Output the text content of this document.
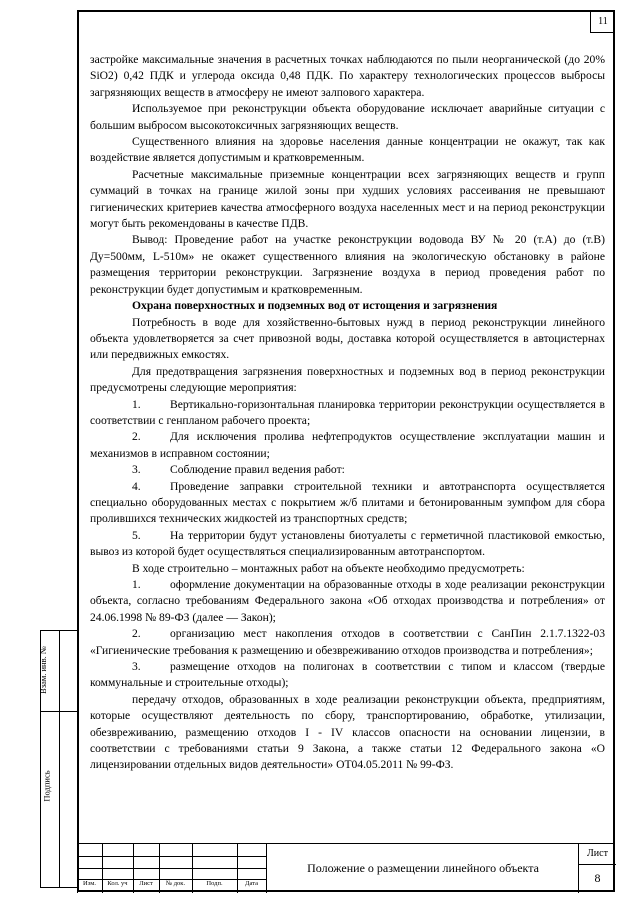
11

застройке максимальные значения в расчетных точках наблюдаются по пыли неорганической (до 20% SiO2) 0,42 ПДК и углерода оксида 0,48 ПДК. По характеру технологических процессов выбросы загрязняющих веществ в атмосферу не имеют залпового характера.

Используемое при реконструкции объекта оборудование исключает аварийные ситуации с большим выбросом высокотоксичных загрязняющих веществ.

Существенного влияния на здоровье населения данные концентрации не окажут, так как воздействие является допустимым и кратковременным.

Расчетные максимальные приземные концентрации всех загрязняющих веществ и групп суммаций в точках на границе жилой зоны при худших условиях рассеивания не превышают гигиенических критериев качества атмосферного воздуха населенных мест и на период реконструкции могут быть рекомендованы в качестве ПДВ.

Вывод: Проведение работ на участке реконструкции водовода ВУ № 20 (т.А) до (т.В) Ду=500мм, L-510м» не окажет существенного влияния на экологическую обстановку в районе размещения территории реконструкции. Загрязнение воздуха в период проведения работ по реконструкции будет допустимым и кратковременным.

Охрана поверхностных и подземных вод от истощения и загрязнения

Потребность в воде для хозяйственно-бытовых нужд в период реконструкции линейного объекта удовлетворяется за счет привозной воды, доставка которой осуществляется в автоцистернах или передвижных емкостях.

Для предотвращения загрязнения поверхностных и подземных вод в период реконструкции предусмотрены следующие мероприятия:

1.	Вертикально-горизонтальная планировка территории реконструкции осуществляется в соответствии с генпланом рабочего проекта;

2.	Для исключения пролива нефтепродуктов осуществление эксплуатации машин и механизмов в исправном состоянии;

3.	Соблюдение правил ведения работ:

4.	Проведение заправки строительной техники и автотранспорта осуществляется специально оборудованных местах с покрытием ж/б плитами и бетонированным зумпфом для сбора пролившихся технических жидкостей из транспортных средств;

5.	На территории будут установлены биотуалеты с герметичной пластиковой емкостью, вывоз из которой будет осуществляться специализированным автотранспортом.

В ходе строительно – монтажных работ на объекте необходимо предусмотреть:

1.	оформление документации на образованные отходы в ходе реализации реконструкции объекта, согласно требованиям Федерального закона «Об отходах производства и потребления» от 24.06.1998 № 89-ФЗ (далее — Закон);

2.	организацию мест накопления отходов в соответствии с СанПин 2.1.7.1322-03 «Гигиенические требования к размещению и обезвреживанию отходов производства и потребления»;

3.	размещение отходов на полигонах в соответствии с типом и классом (твердые коммунальные и строительные отходы);

передачу отходов, образованных в ходе реализации реконструкции объекта, предприятиям, которые осуществляют деятельность по сбору, транспортированию, обработке, утилизации, обезвреживанию, размещению отходов I - IV классов опасности на основании лицензии, в соответствии с требованиями статьи 9 Закона, а также статьи 12 Федерального закона «О лицензировании отдельных видов деятельности» ОТ04.05.2011 № 99-ФЗ.

Взам. инв. №
Подпись
Изм.	Кол. уч	Лист	№ док.	Подп.	Дата
Положение о размещении линейного объекта
Лист
8
